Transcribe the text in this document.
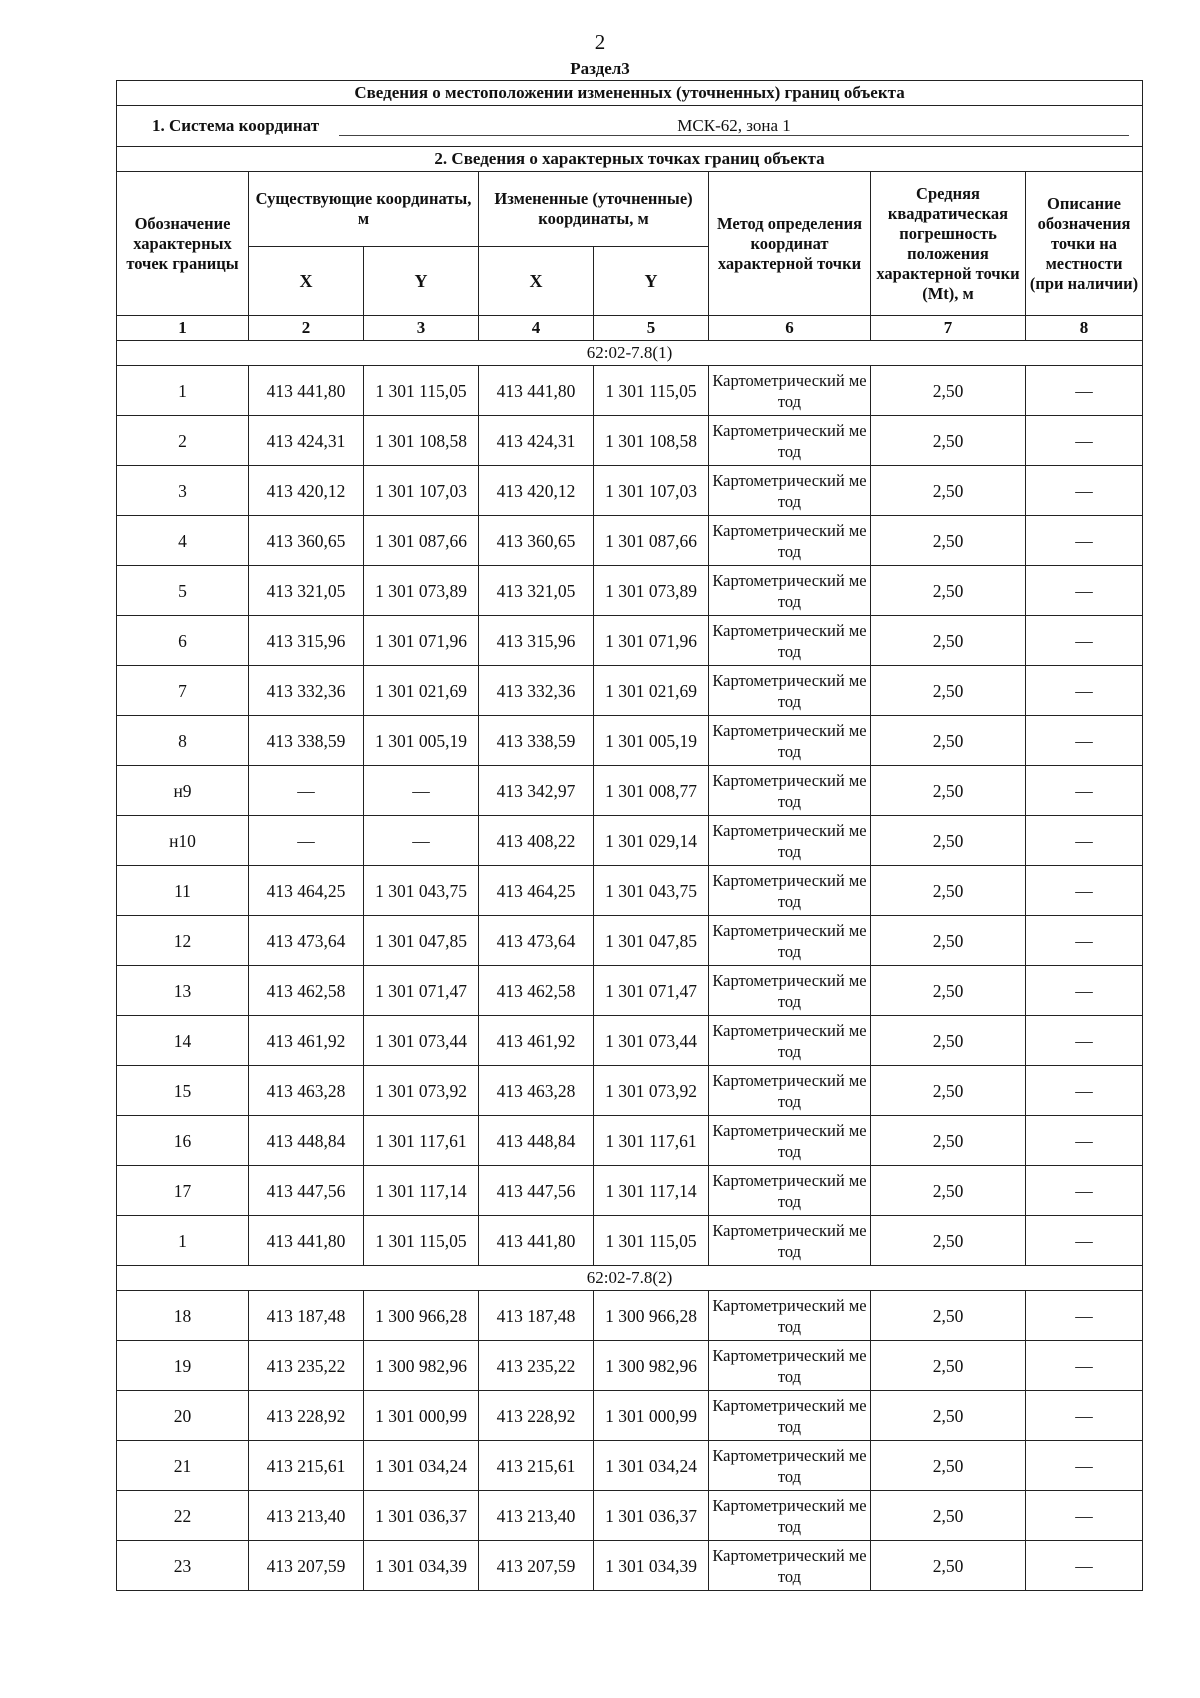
2
Раздел3
Сведения о местоположении измененных (уточненных) границ объекта							
1. Система координат МСК-62, зона 1							
2. Сведения о характерных точках границ объекта							
Обозначение характерных точек границы	Существующие координаты, м		Измененные (уточненные) координаты, м		Метод определения координат характерной точки	Средняя квадратическая погрешность положения характерной точки (Mt), м	Описание обозначения точки на местности (при наличии)
	X	Y	X	Y			
1	2	3	4	5	6	7	8
62:02-7.8(1)							
1	413 441,80	1 301 115,05	413 441,80	1 301 115,05	Картометрический метод	2,50	—
2	413 424,31	1 301 108,58	413 424,31	1 301 108,58	Картометрический метод	2,50	—
3	413 420,12	1 301 107,03	413 420,12	1 301 107,03	Картометрический метод	2,50	—
4	413 360,65	1 301 087,66	413 360,65	1 301 087,66	Картометрический метод	2,50	—
5	413 321,05	1 301 073,89	413 321,05	1 301 073,89	Картометрический метод	2,50	—
6	413 315,96	1 301 071,96	413 315,96	1 301 071,96	Картометрический метод	2,50	—
7	413 332,36	1 301 021,69	413 332,36	1 301 021,69	Картометрический метод	2,50	—
8	413 338,59	1 301 005,19	413 338,59	1 301 005,19	Картометрический метод	2,50	—
н9	—	—	413 342,97	1 301 008,77	Картометрический метод	2,50	—
н10	—	—	413 408,22	1 301 029,14	Картометрический метод	2,50	—
11	413 464,25	1 301 043,75	413 464,25	1 301 043,75	Картометрический метод	2,50	—
12	413 473,64	1 301 047,85	413 473,64	1 301 047,85	Картометрический метод	2,50	—
13	413 462,58	1 301 071,47	413 462,58	1 301 071,47	Картометрический метод	2,50	—
14	413 461,92	1 301 073,44	413 461,92	1 301 073,44	Картометрический метод	2,50	—
15	413 463,28	1 301 073,92	413 463,28	1 301 073,92	Картометрический метод	2,50	—
16	413 448,84	1 301 117,61	413 448,84	1 301 117,61	Картометрический метод	2,50	—
17	413 447,56	1 301 117,14	413 447,56	1 301 117,14	Картометрический метод	2,50	—
1	413 441,80	1 301 115,05	413 441,80	1 301 115,05	Картометрический метод	2,50	—
62:02-7.8(2)							
18	413 187,48	1 300 966,28	413 187,48	1 300 966,28	Картометрический метод	2,50	—
19	413 235,22	1 300 982,96	413 235,22	1 300 982,96	Картометрический метод	2,50	—
20	413 228,92	1 301 000,99	413 228,92	1 301 000,99	Картометрический метод	2,50	—
21	413 215,61	1 301 034,24	413 215,61	1 301 034,24	Картометрический метод	2,50	—
22	413 213,40	1 301 036,37	413 213,40	1 301 036,37	Картометрический метод	2,50	—
23	413 207,59	1 301 034,39	413 207,59	1 301 034,39	Картометрический метод	2,50	—
